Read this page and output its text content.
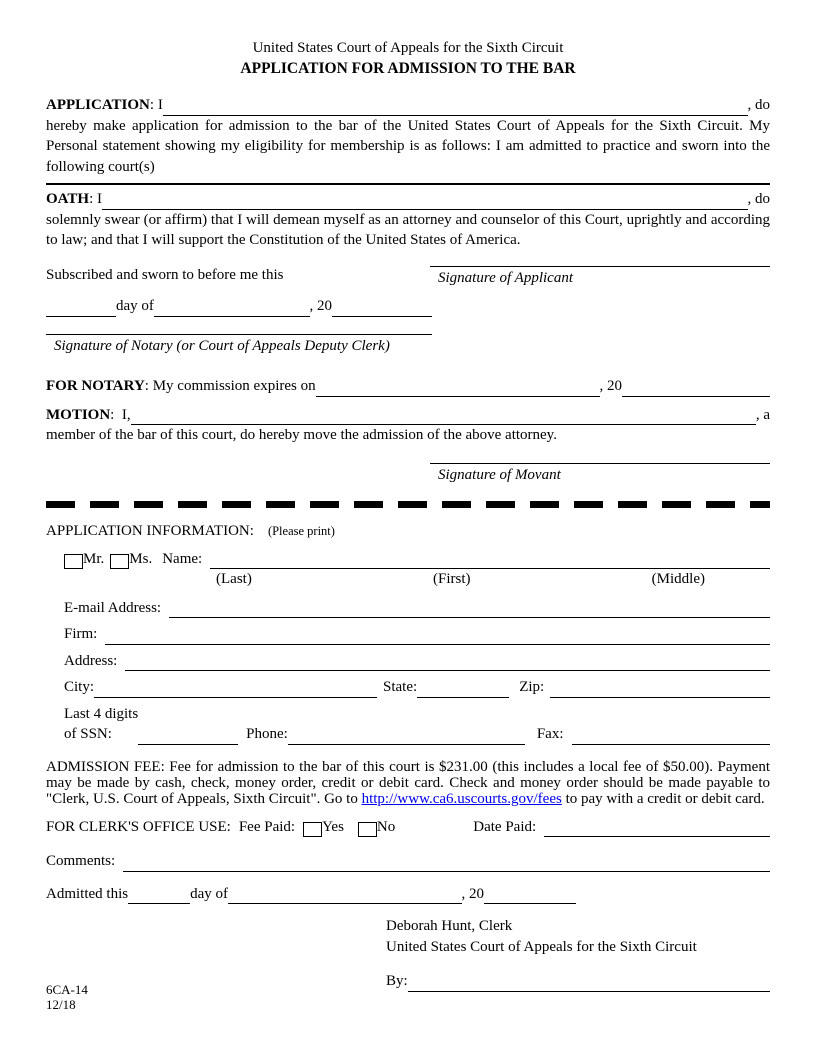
United States Court of Appeals for the Sixth Circuit
APPLICATION FOR ADMISSION TO THE BAR
APPLICATION : I	, do
hereby make application for admission to the bar of the United States Court of Appeals for the Sixth Circuit. My Personal statement showing my eligibility for membership is as follows: I am admitted to practice and sworn into the following court(s)
OATH : I	, do
solemnly swear (or affirm) that I will demean myself as an attorney and counselor of this Court, uprightly and according to law; and that I will support the Constitution of the United States of America.
Subscribed and sworn to before me this	Signature of Applicant
day of	, 20
Signature of Notary (or Court of Appeals Deputy Clerk)
FOR NOTARY : My commission expires on	, 20
MOTION :  I,	, a
member of the bar of this court, do hereby move the admission of the above attorney.
Signature of Movant
APPLICATION INFORMATION: (Please print)
Mr. Ms. Name:
(Last)	(First)	(Middle)
E-mail Address:
Firm:
Address:
City:	State:	Zip:
Last 4 digits
of SSN:	Phone:	Fax:

ADMISSION FEE: Fee for admission to the bar of this court is $231.00 (this includes a local fee of $50.00). Payment may be made by cash, check, money order, credit or debit card. Check and money order should be made payable to "Clerk, U.S. Court of Appeals, Sixth Circuit". Go to http://www.ca6.uscourts.gov/fees to pay with a credit or debit card.

FOR CLERK'S OFFICE USE: Fee Paid: Yes No	Date Paid:
Comments:
Admitted this	day of	, 20
Deborah Hunt, Clerk
United States Court of Appeals for the Sixth Circuit
By:
6CA-14
12/18
